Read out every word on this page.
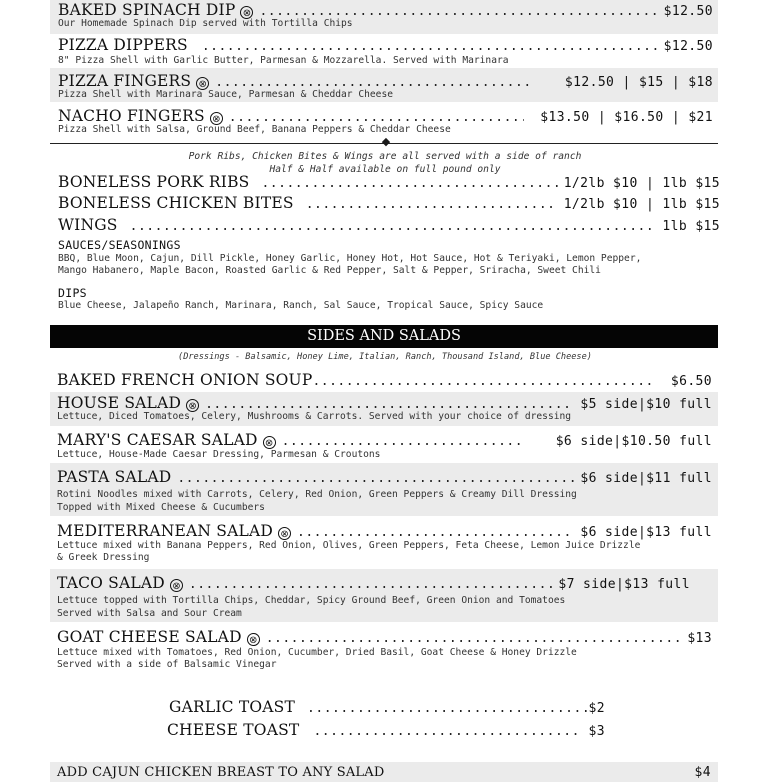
BAKED SPINACH DIP ⊗ .....	$12.50
Our Homemade Spinach Dip served with Tortilla Chips
PIZZA DIPPERS .....	$12.50
8" Pizza Shell with Garlic Butter, Parmesan & Mozzarella. Served with Marinara
PIZZA FINGERS ⊗ .....	$12.50 | $15 | $18
Pizza Shell with Marinara Sauce, Parmesan & Cheddar Cheese
NACHO FINGERS ⊗ .....	$13.50 | $16.50 | $21
Pizza Shell with Salsa, Ground Beef, Banana Peppers & Cheddar Cheese
◆
Pork Ribs, Chicken Bites & Wings are all served with a side of ranch
Half & Half available on full pound only
BONELESS PORK RIBS .....	1/2lb $10 | 1lb $15
BONELESS CHICKEN BITES .....	1/2lb $10 | 1lb $15
WINGS .....	1lb $15
SAUCES/SEASONINGS
BBQ, Blue Moon, Cajun, Dill Pickle, Honey Garlic, Honey Hot, Hot Sauce, Hot & Teriyaki, Lemon Pepper,
Mango Habanero, Maple Bacon, Roasted Garlic & Red Pepper, Salt & Pepper, Sriracha, Sweet Chili
DIPS
Blue Cheese, Jalapeño Ranch, Marinara, Ranch, Sal Sauce, Tropical Sauce, Spicy Sauce
SIDES AND SALADS
(Dressings - Balsamic, Honey Lime, Italian, Ranch, Thousand Island, Blue Cheese)
BAKED FRENCH ONION SOUP .....	$6.50
HOUSE SALAD ⊗ .....	$5 side|$10 full
Lettuce, Diced Tomatoes, Celery, Mushrooms & Carrots. Served with your choice of dressing
MARY'S CAESAR SALAD ⊗ .....	$6 side|$10.50 full
Lettuce, House-Made Caesar Dressing, Parmesan & Croutons
PASTA SALAD .....	$6 side|$11 full
Rotini Noodles mixed with Carrots, Celery, Red Onion, Green Peppers & Creamy Dill Dressing
Topped with Mixed Cheese & Cucumbers
MEDITERRANEAN SALAD ⊗ .....	$6 side|$13 full
Lettuce mixed with Banana Peppers, Red Onion, Olives, Green Peppers, Feta Cheese, Lemon Juice Drizzle
& Greek Dressing
TACO SALAD ⊗ .....	$7 side|$13 full
Lettuce topped with Tortilla Chips, Cheddar, Spicy Ground Beef, Green Onion and Tomatoes
Served with Salsa and Sour Cream
GOAT CHEESE SALAD ⊗ .....	$13
Lettuce mixed with Tomatoes, Red Onion, Cucumber, Dried Basil, Goat Cheese & Honey Drizzle
Served with a side of Balsamic Vinegar
GARLIC TOAST .....	$2
CHEESE TOAST .....	$3
ADD CAJUN CHICKEN BREAST TO ANY SALAD	$4
